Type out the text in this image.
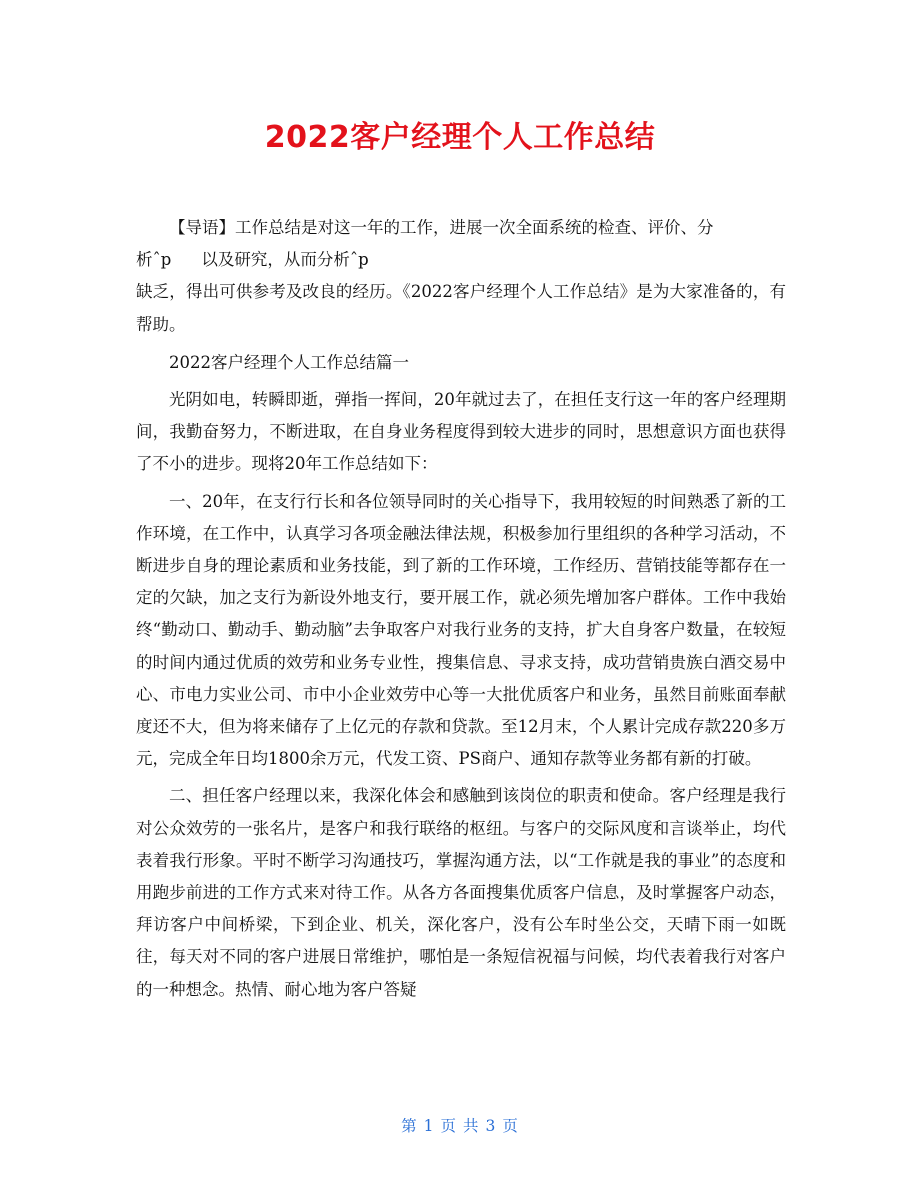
2022客户经理个人工作总结

【导语】工作总结是对这一年的工作，进展一次全面系统的检查、评价、分

析ˆp 以及研究，从而分析ˆp

缺乏，得出可供参考及改良的经历。《2022客户经理个人工作总结》是为大家准备的，有帮助。

2022客户经理个人工作总结篇一

光阴如电，转瞬即逝，弹指一挥间，20年就过去了，在担任支行这一年的客户经理期间，我勤奋努力，不断进取，在自身业务程度得到较大进步的同时，思想意识方面也获得了不小的进步。现将20年工作总结如下：

一、20年，在支行行长和各位领导同时的关心指导下，我用较短的时间熟悉了新的工作环境，在工作中，认真学习各项金融法律法规，积极参加行里组织的各种学习活动，不断进步自身的理论素质和业务技能，到了新的工作环境，工作经历、营销技能等都存在一定的欠缺，加之支行为新设外地支行，要开展工作，就必须先增加客户群体。工作中我始终“勤动口、勤动手、勤动脑”去争取客户对我行业务的支持，扩大自身客户数量，在较短的时间内通过优质的效劳和业务专业性，搜集信息、寻求支持，成功营销贵族白酒交易中心、市电力实业公司、市中小企业效劳中心等一大批优质客户和业务，虽然目前账面奉献度还不大，但为将来储存了上亿元的存款和贷款。至12月末，个人累计完成存款220多万元，完成全年日均1800余万元，代发工资、PS商户、通知存款等业务都有新的打破。

二、担任客户经理以来，我深化体会和感触到该岗位的职责和使命。客户经理是我行对公众效劳的一张名片，是客户和我行联络的枢纽。与客户的交际风度和言谈举止，均代表着我行形象。平时不断学习沟通技巧，掌握沟通方法，以“工作就是我的事业”的态度和用跑步前进的工作方式来对待工作。从各方各面搜集优质客户信息，及时掌握客户动态，拜访客户中间桥梁，下到企业、机关，深化客户，没有公车时坐公交，天晴下雨一如既往，每天对不同的客户进展日常维护，哪怕是一条短信祝福与问候，均代表着我行对客户的一种想念。热情、耐心地为客户答疑

第 1 页 共 3 页
